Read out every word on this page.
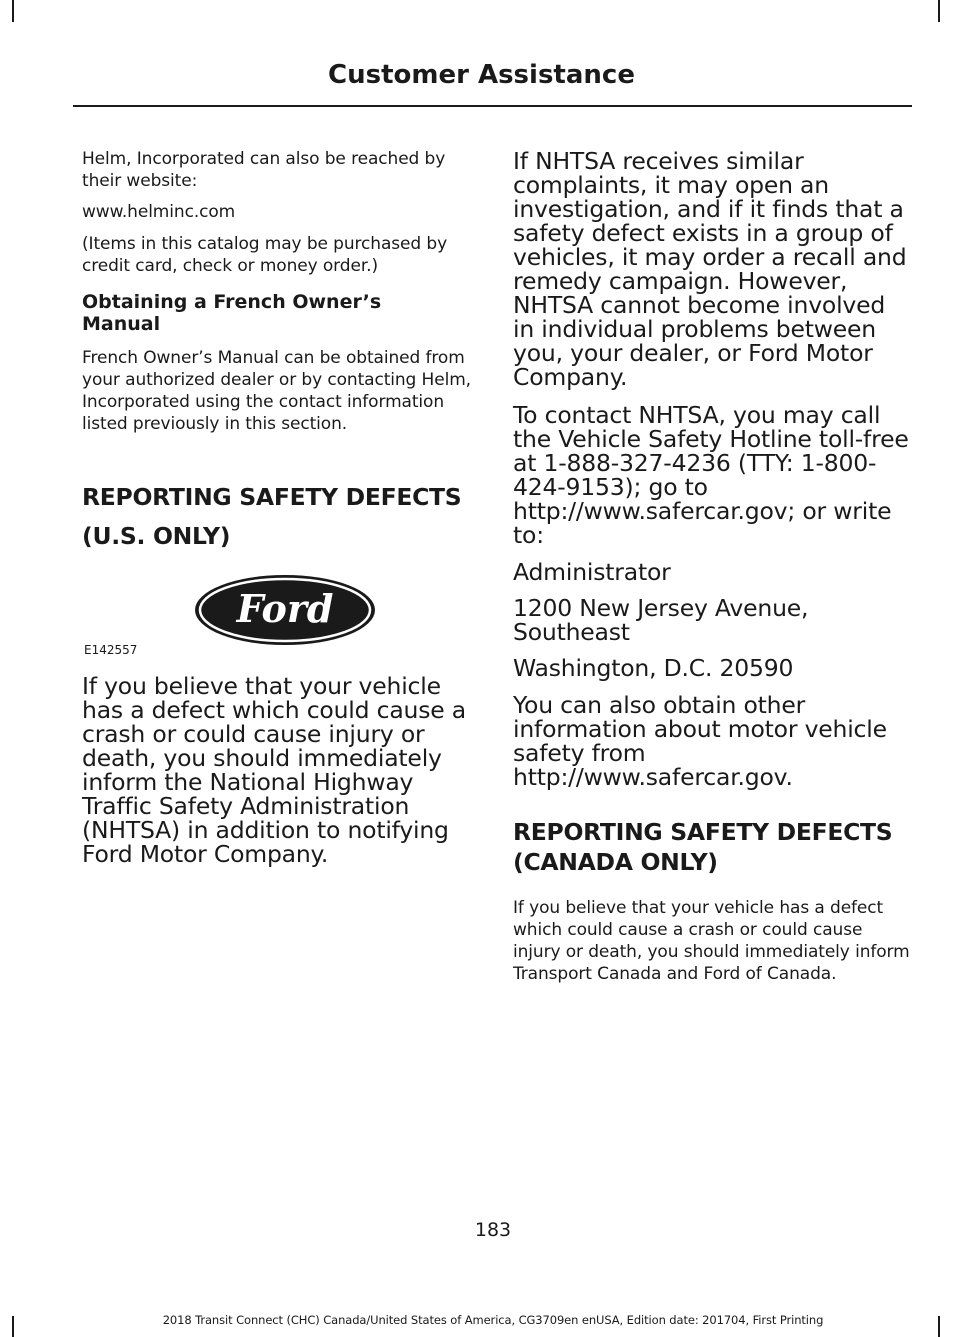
Customer Assistance

Helm, Incorporated can also be reached by their website:

www.helminc.com

(Items in this catalog may be purchased by credit card, check or money order.)

Obtaining a French Owner’s Manual

French Owner’s Manual can be obtained from your authorized dealer or by contacting Helm, Incorporated using the contact information listed previously in this section.

REPORTING SAFETY DEFECTS
(U.S. ONLY)
Ford
E142557

If you believe that your vehicle has a defect which could cause a crash or could cause injury or death, you should immediately inform the National Highway Traffic Safety Administration (NHTSA) in addition to notifying Ford Motor Company.

If NHTSA receives similar complaints, it may open an investigation, and if it finds that a safety defect exists in a group of vehicles, it may order a recall and remedy campaign. However, NHTSA cannot become involved in individual problems between you, your dealer, or Ford Motor Company.

To contact NHTSA, you may call the Vehicle Safety Hotline toll-free at 1-888-327-4236 (TTY: 1-800-424-9153); go to http://www.safercar.gov; or write to:

Administrator

1200 New Jersey Avenue, Southeast

Washington, D.C. 20590

You can also obtain other information about motor vehicle safety from http://www.safercar.gov.

REPORTING SAFETY DEFECTS
(CANADA ONLY)

If you believe that your vehicle has a defect which could cause a crash or could cause injury or death, you should immediately inform Transport Canada and Ford of Canada.

183
2018 Transit Connect (CHC) Canada/United States of America, CG3709en enUSA, Edition date: 201704, First Printing
